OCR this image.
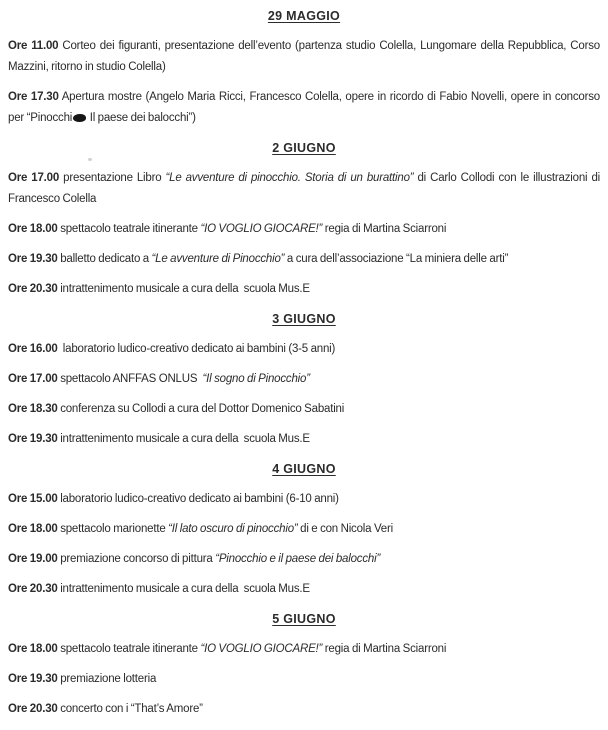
29 MAGGIO

Ore 11.00 Corteo dei figuranti, presentazione dell’evento (partenza studio Colella, Lungomare della Repubblica, Corso Mazzini, ritorno in studio Colella)

Ore 17.30 Apertura mostre (Angelo Maria Ricci, Francesco Colella, opere in ricordo di Fabio Novelli, opere in concorso per “Pinocchi Il paese dei balocchi”)

2 GIUGNO

Ore 17.00 presentazione Libro “Le avventure di pinocchio. Storia di un burattino” di Carlo Collodi con le illustrazioni di Francesco Colella

Ore 18.00 spettacolo teatrale itinerante “IO VOGLIO GIOCARE!” regia di Martina Sciarroni

Ore 19.30 balletto dedicato a “Le avventure di Pinocchio” a cura dell’associazione “La miniera delle arti”

Ore 20.30 intrattenimento musicale a cura della  scuola Mus.E

3 GIUGNO

Ore 16.00  laboratorio ludico-creativo dedicato ai bambini (3-5 anni)

Ore 17.00 spettacolo ANFFAS ONLUS  “Il sogno di Pinocchio”

Ore 18.30 conferenza su Collodi a cura del Dottor Domenico Sabatini

Ore 19.30 intrattenimento musicale a cura della  scuola Mus.E

4 GIUGNO

Ore 15.00 laboratorio ludico-creativo dedicato ai bambini (6-10 anni)

Ore 18.00 spettacolo marionette “Il lato oscuro di pinocchio” di e con Nicola Veri

Ore 19.00 premiazione concorso di pittura “Pinocchio e il paese dei balocchi”

Ore 20.30 intrattenimento musicale a cura della  scuola Mus.E

5 GIUGNO

Ore 18.00 spettacolo teatrale itinerante “IO VOGLIO GIOCARE!” regia di Martina Sciarroni

Ore 19.30 premiazione lotteria

Ore 20.30 concerto con i “That’s Amore”
